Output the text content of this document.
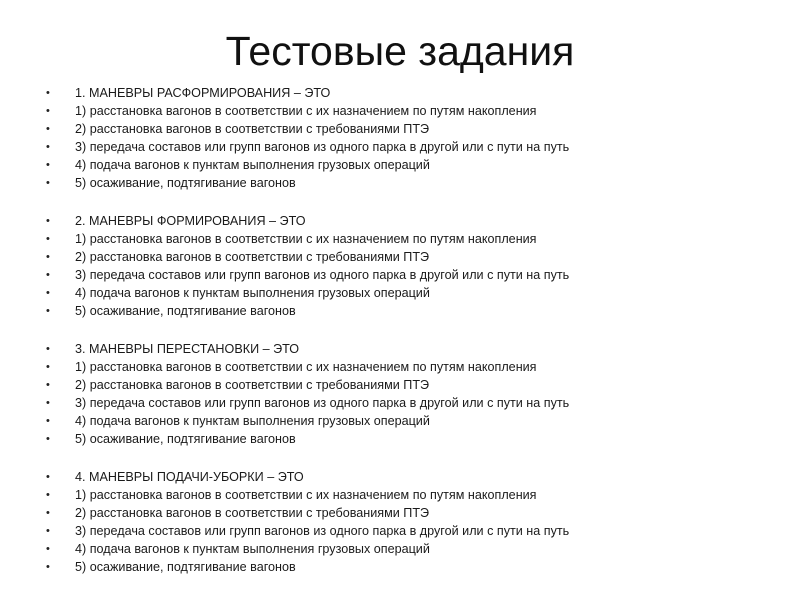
Тестовые задания
• 1. МАНЕВРЫ РАСФОРМИРОВАНИЯ – ЭТО
• 1) расстановка вагонов в соответствии с их назначением по путям накопления
• 2) расстановка вагонов в соответствии с требованиями ПТЭ
• 3) передача составов или групп вагонов из одного парка в другой или с пути на путь
• 4) подача вагонов к пунктам выполнения грузовых операций
• 5) осаживание, подтягивание вагонов
• 2. МАНЕВРЫ ФОРМИРОВАНИЯ – ЭТО
• 1) расстановка вагонов в соответствии с их назначением по путям накопления
• 2) расстановка вагонов в соответствии с требованиями ПТЭ
• 3) передача составов или групп вагонов из одного парка в другой или с пути на путь
• 4) подача вагонов к пунктам выполнения грузовых операций
• 5) осаживание, подтягивание вагонов
• 3. МАНЕВРЫ ПЕРЕСТАНОВКИ – ЭТО
• 1) расстановка вагонов в соответствии с их назначением по путям накопления
• 2) расстановка вагонов в соответствии с требованиями ПТЭ
• 3) передача составов или групп вагонов из одного парка в другой или с пути на путь
• 4) подача вагонов к пунктам выполнения грузовых операций
• 5) осаживание, подтягивание вагонов
• 4. МАНЕВРЫ ПОДАЧИ-УБОРКИ – ЭТО
• 1) расстановка вагонов в соответствии с их назначением по путям накопления
• 2) расстановка вагонов в соответствии с требованиями ПТЭ
• 3) передача составов или групп вагонов из одного парка в другой или с пути на путь
• 4) подача вагонов к пунктам выполнения грузовых операций
• 5) осаживание, подтягивание вагонов
